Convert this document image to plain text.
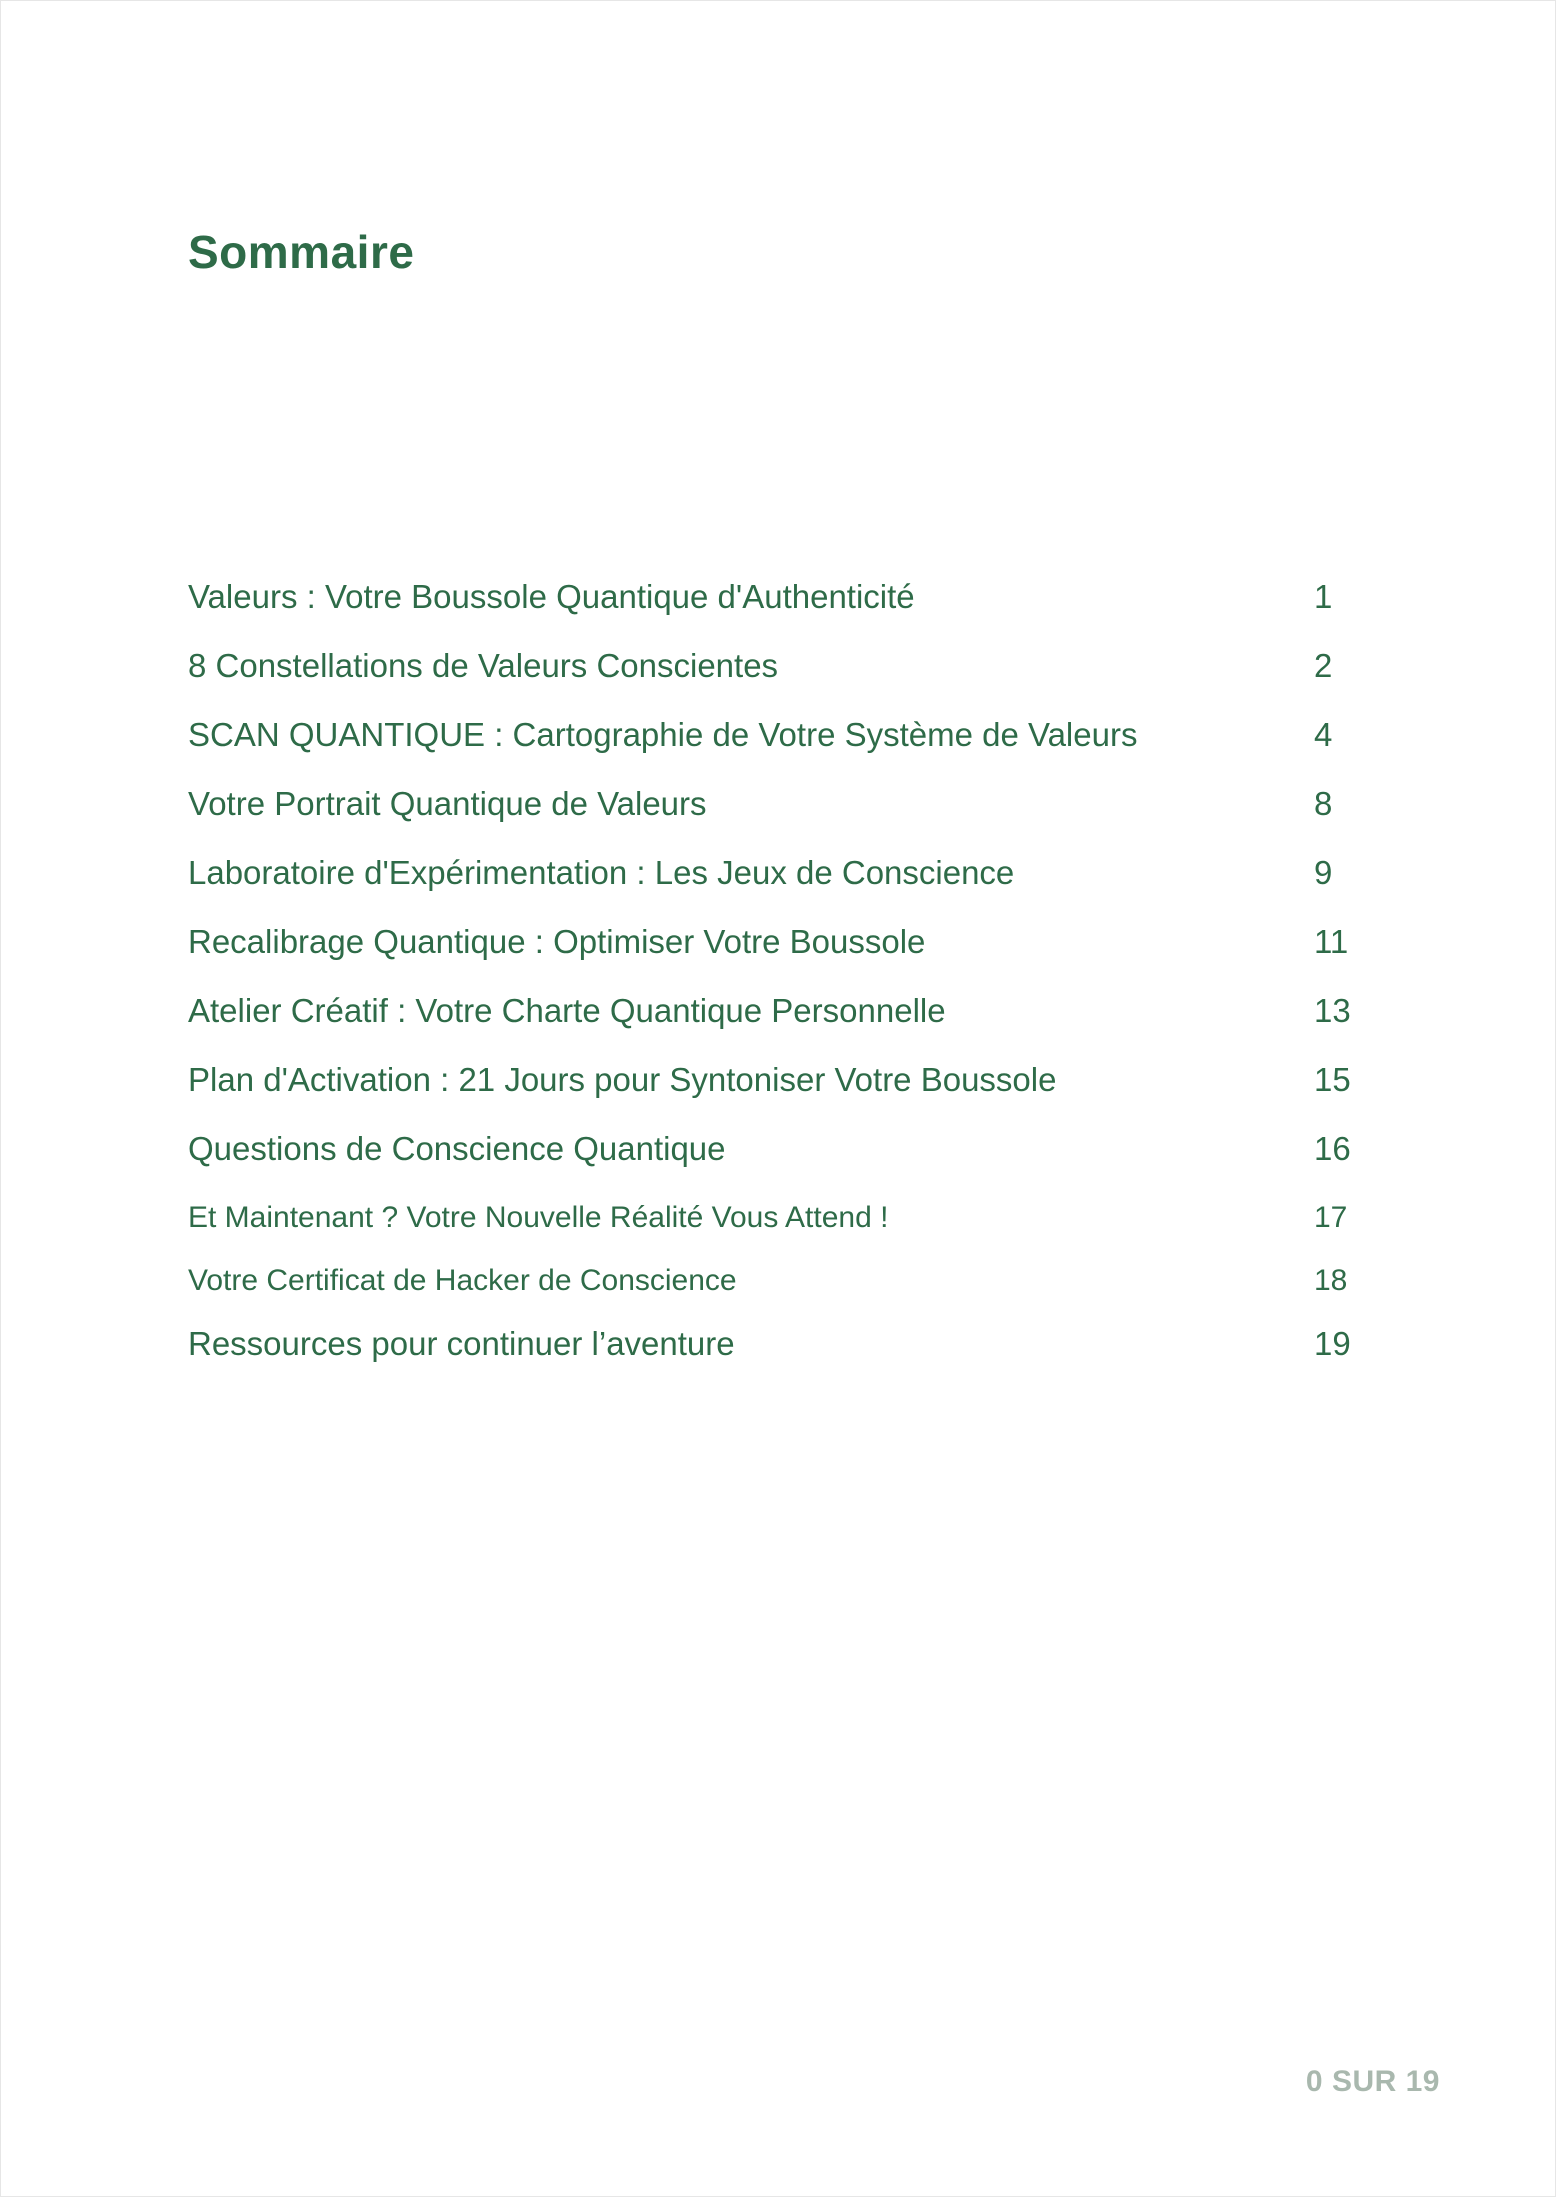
Sommaire
Valeurs : Votre Boussole Quantique d'Authenticité	1
8 Constellations de Valeurs Conscientes	2
SCAN QUANTIQUE : Cartographie de Votre Système de Valeurs	4
Votre Portrait Quantique de Valeurs	8
Laboratoire d'Expérimentation : Les Jeux de Conscience	9
Recalibrage Quantique : Optimiser Votre Boussole	11
Atelier Créatif : Votre Charte Quantique Personnelle	13
Plan d'Activation : 21 Jours pour Syntoniser Votre Boussole	15
Questions de Conscience Quantique	16
Et Maintenant ? Votre Nouvelle Réalité Vous Attend !	17
Votre Certificat de Hacker de Conscience	18
Ressources pour continuer l’aventure	19
0 SUR 19
